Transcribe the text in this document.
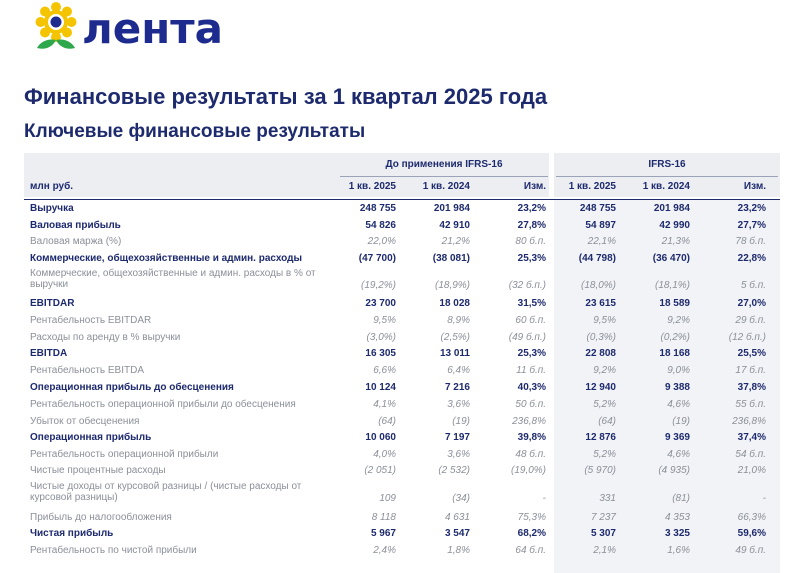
лента
Финансовые результаты за 1 квартал 2025 года
Ключевые финансовые результаты
До применения IFRS-16	IFRS-16
млн руб.	1 кв. 2025	1 кв. 2024	Изм.	1 кв. 2025	1 кв. 2024	Изм.
Выручка	248 755	201 984	23,2%	248 755	201 984	23,2%
Валовая прибыль	54 826	42 910	27,8%	54 897	42 990	27,7%
Валовая маржа (%)	22,0%	21,2%	80 б.п.	22,1%	21,3%	78 б.п.
Коммерческие, общехозяйственные и админ. расходы	(47 700)	(38 081)	25,3%	(44 798)	(36 470)	22,8%
Коммерческие, общехозяйственные и админ. расходы в % от выручки	(19,2%)	(18,9%)	(32 б.п.)	(18,0%)	(18,1%)	5 б.п.
EBITDAR	23 700	18 028	31,5%	23 615	18 589	27,0%
Рентабельность EBITDAR	9,5%	8,9%	60 б.п.	9,5%	9,2%	29 б.п.
Расходы по аренду в % выручки	(3,0%)	(2,5%)	(49 б.п.)	(0,3%)	(0,2%)	(12 б.п.)
EBITDA	16 305	13 011	25,3%	22 808	18 168	25,5%
Рентабельность EBITDA	6,6%	6,4%	11 б.п.	9,2%	9,0%	17 б.п.
Операционная прибыль до обесценения	10 124	7 216	40,3%	12 940	9 388	37,8%
Рентабельность операционной прибыли до обесценения	4,1%	3,6%	50 б.п.	5,2%	4,6%	55 б.п.
Убыток от обесценения	(64)	(19)	236,8%	(64)	(19)	236,8%
Операционная прибыль	10 060	7 197	39,8%	12 876	9 369	37,4%
Рентабельность операционной прибыли	4,0%	3,6%	48 б.п.	5,2%	4,6%	54 б.п.
Чистые процентные расходы	(2 051)	(2 532)	(19,0%)	(5 970)	(4 935)	21,0%
Чистые доходы от курсовой разницы / (чистые расходы от курсовой разницы)	109	(34)	-	331	(81)	-
Прибыль до налогообложения	8 118	4 631	75,3%	7 237	4 353	66,3%
Чистая прибыль	5 967	3 547	68,2%	5 307	3 325	59,6%
Рентабельность по чистой прибыли	2,4%	1,8%	64 б.п.	2,1%	1,6%	49 б.п.
